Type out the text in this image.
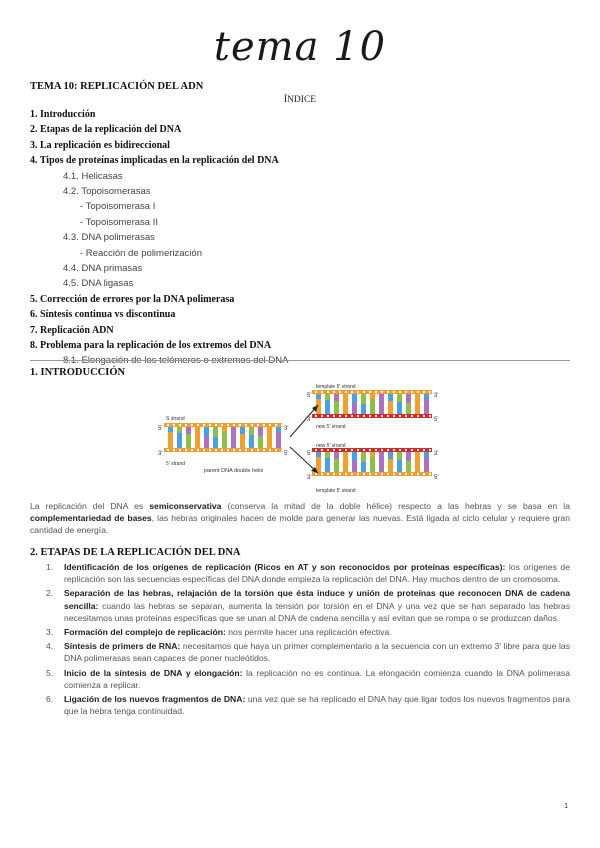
tema 10
TEMA 10: REPLICACIÓN DEL ADN
ÍNDICE
1. Introducción
2. Etapas de la replicación del DNA
3. La replicación es bidireccional
4. Tipos de proteínas implicadas en la replicación del DNA
4.1. Helicasas
4.2. Topoisomerasas
- Topoisomerasa I
- Topoisomerasa II
4.3. DNA polimerasas
- Reacción de polimerización
4.4. DNA primasas
4.5. DNA ligasas
5. Corrección de errores por la DNA polimerasa
6. Síntesis continua vs discontinua
7. Replicación ADN
8. Problema para la replicación de los extremos del DNA
8.1. Elongación de los telómeros o extremos del DNA
1. INTRODUCCIÓN
S strand
5'	3'
3'	5'
5' strand
parent DNA double helix
template 5' strand
5'	3'
3'	5'
new 5' strand
new 5' strand
5'	3'
3'	5'
template 5' strand
La replicación del DNA es semiconservativa (conserva la mitad de la doble hélice) respecto a las hebras y se basa en la complementariedad de bases, las hebras originales hacen de molde para generar las nuevas. Está ligada al ciclo celular y requiere gran cantidad de energía.
2. ETAPAS DE LA REPLICACIÓN DEL DNA
1. Identificación de los orígenes de replicación (Ricos en AT y son reconocidos por proteínas específicas): los orígenes de replicación son las secuencias específicas del DNA donde empieza la replicación del DNA. Hay muchos dentro de un cromosoma.
2. Separación de las hebras, relajación de la torsión que ésta induce y unión de proteínas que reconocen DNA de cadena sencilla: cuando las hebras se separan, aumenta la tensión por torsión en el DNA y una vez que se han separado las hebras necesitamos unas proteínas específicas que se unan al DNA de cadena sencilla y así evitan que se rompa o se produzcan daños.
3. Formación del complejo de replicación: nos permite hacer una replicación efectiva.
4. Síntesis de primers de RNA: necesitamos que haya un primer complementario a la secuencia con un extremo 3' libre para que las DNA polimerasas sean capaces de poner nucleótidos.
5. Inicio de la síntesis de DNA y elongación: la replicación no es continua. La elongación comienza cuando la DNA polimerasa comienza a replicar.
6. Ligación de los nuevos fragmentos de DNA: una vez que se ha replicado el DNA hay que ligar todos los nuevos fragmentos para que la hebra tenga continuidad.
1
